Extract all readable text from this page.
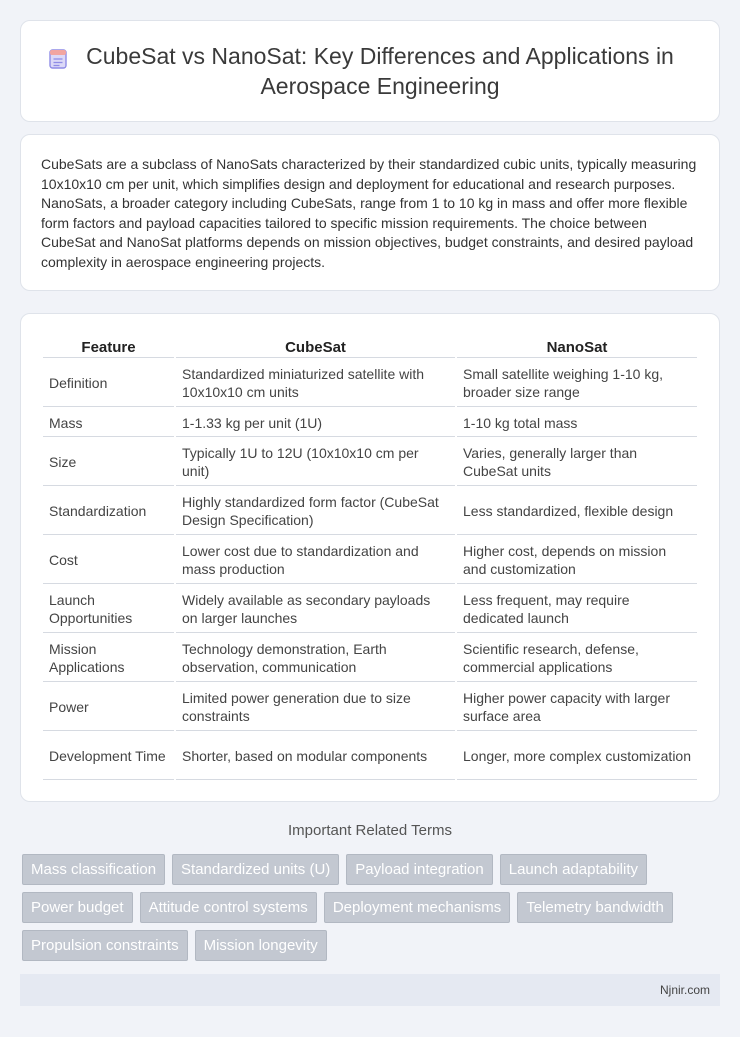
CubeSat vs NanoSat: Key Differences and Applications in Aerospace Engineering

CubeSats are a subclass of NanoSats characterized by their standardized cubic units, typically measuring 10x10x10 cm per unit, which simplifies design and deployment for educational and research purposes. NanoSats, a broader category including CubeSats, range from 1 to 10 kg in mass and offer more flexible form factors and payload capacities tailored to specific mission requirements. The choice between CubeSat and NanoSat platforms depends on mission objectives, budget constraints, and desired payload complexity in aerospace engineering projects.

Feature	CubeSat	NanoSat
Definition	Standardized miniaturized satellite with 10x10x10 cm units	Small satellite weighing 1-10 kg, broader size range
Mass	1-1.33 kg per unit (1U)	1-10 kg total mass
Size	Typically 1U to 12U (10x10x10 cm per unit)	Varies, generally larger than CubeSat units
Standardization	Highly standardized form factor (CubeSat Design Specification)	Less standardized, flexible design
Cost	Lower cost due to standardization and mass production	Higher cost, depends on mission and customization
Launch Opportunities	Widely available as secondary payloads on larger launches	Less frequent, may require dedicated launch
Mission Applications	Technology demonstration, Earth observation, communication	Scientific research, defense, commercial applications
Power	Limited power generation due to size constraints	Higher power capacity with larger surface area
Development Time	Shorter, based on modular components	Longer, more complex customization
Important Related Terms
Mass classification	Standardized units (U)	Payload integration	Launch adaptability
Power budget	Attitude control systems	Deployment mechanisms	Telemetry bandwidth
Propulsion constraints	Mission longevity
Njnir.com
